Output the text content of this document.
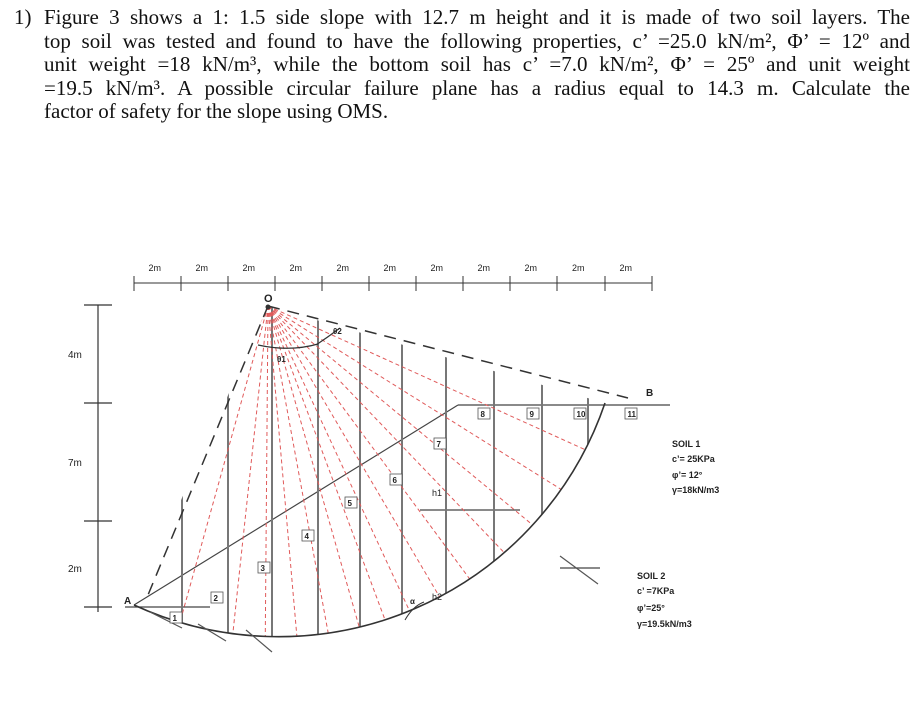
1) Figure 3 shows a 1: 1.5 side slope with 12.7 m height and it is made of two soil layers. The
top soil was tested and found to have the following properties, c’ =25.0 kN/m², Φ’ = 12º and
unit weight =18 kN/m³, while the bottom soil has c’ =7.0 kN/m², Φ’ = 25º and unit weight
=19.5 kN/m³. A possible circular failure plane has a radius equal to 14.3 m. Calculate the
factor of safety for the slope using OMS.
2m	2m	2m	2m	2m	2m	2m	2m	2m	2m	2m
4m
7m
2m
1
2
3
4
5
6
7
8	9	10	11
O
θ2
θ1
α
A
B
h1
h2
SOIL 1
c’= 25KPa
φ’= 12°
γ=18kN/m3
SOIL 2
c’ =7KPa
φ’=25°
γ=19.5kN/m3
